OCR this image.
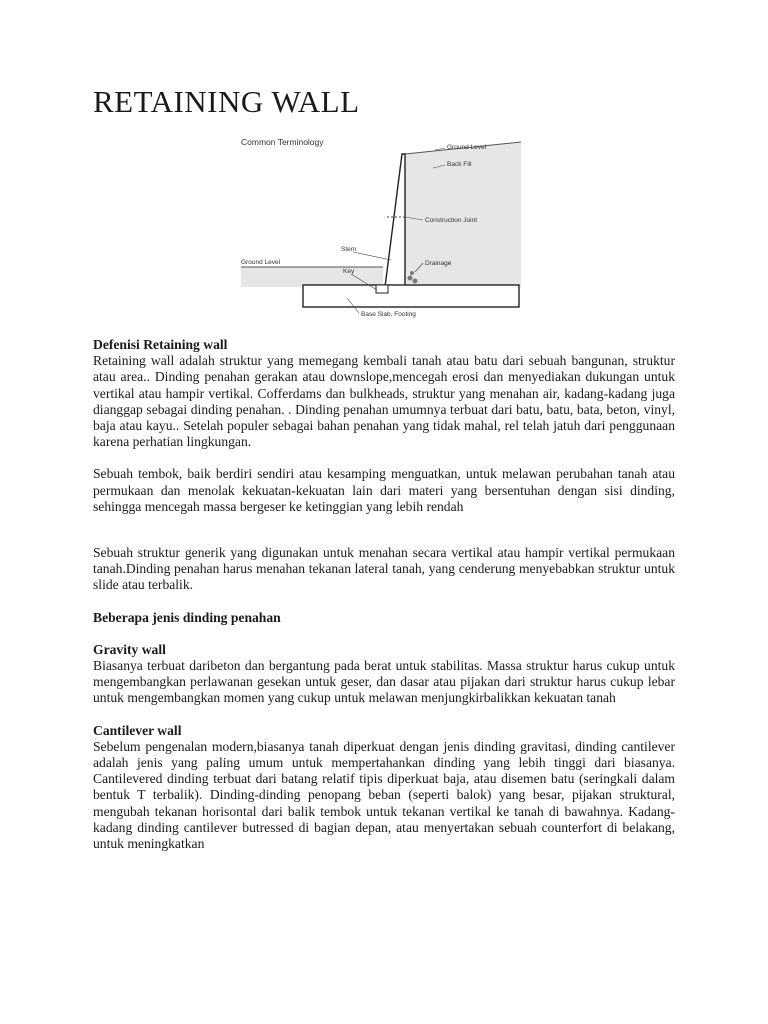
RETAINING WALL
Common Terminology
Ground Level
Back Fill
Construction Joint
Ground Level
Stem
Key
Drainage
Base Slab, Footing
Defenisi Retaining wall

Retaining wall adalah struktur yang memegang kembali tanah atau batu dari sebuah bangunan, struktur atau area.. Dinding penahan gerakan atau downslope,mencegah erosi dan menyediakan dukungan untuk vertikal atau hampir vertikal. Cofferdams dan bulkheads, struktur yang menahan air, kadang-kadang juga dianggap sebagai dinding penahan. . Dinding penahan umumnya terbuat dari batu, batu, bata, beton, vinyl, baja atau kayu.. Setelah populer sebagai bahan penahan yang tidak mahal, rel telah jatuh dari penggunaan karena perhatian lingkungan.

Sebuah tembok, baik berdiri sendiri atau kesamping menguatkan, untuk melawan perubahan tanah atau permukaan dan menolak kekuatan-kekuatan lain dari materi yang bersentuhan dengan sisi dinding, sehingga mencegah massa bergeser ke ketinggian yang lebih rendah

Sebuah struktur generik yang digunakan untuk menahan secara vertikal atau hampir vertikal permukaan tanah.Dinding penahan harus menahan tekanan lateral tanah, yang cenderung menyebabkan struktur untuk slide atau terbalik.

Beberapa jenis dinding penahan
Gravity wall

Biasanya terbuat daribeton dan bergantung pada berat untuk stabilitas. Massa struktur harus cukup untuk mengembangkan perlawanan gesekan untuk geser, dan dasar atau pijakan dari struktur harus cukup lebar untuk mengembangkan momen yang cukup untuk melawan menjungkirbalikkan kekuatan tanah

Cantilever wall

Sebelum pengenalan modern,biasanya tanah diperkuat dengan jenis dinding gravitasi, dinding cantilever adalah jenis yang paling umum untuk mempertahankan dinding yang lebih tinggi dari biasanya. Cantilevered dinding terbuat dari batang relatif tipis diperkuat baja, atau disemen batu (seringkali dalam bentuk T terbalik). Dinding-dinding penopang beban (seperti balok) yang besar, pijakan struktural, mengubah tekanan horisontal dari balik tembok untuk tekanan vertikal ke tanah di bawahnya. Kadang-kadang dinding cantilever butressed di bagian depan, atau menyertakan sebuah counterfort di belakang, untuk meningkatkan
